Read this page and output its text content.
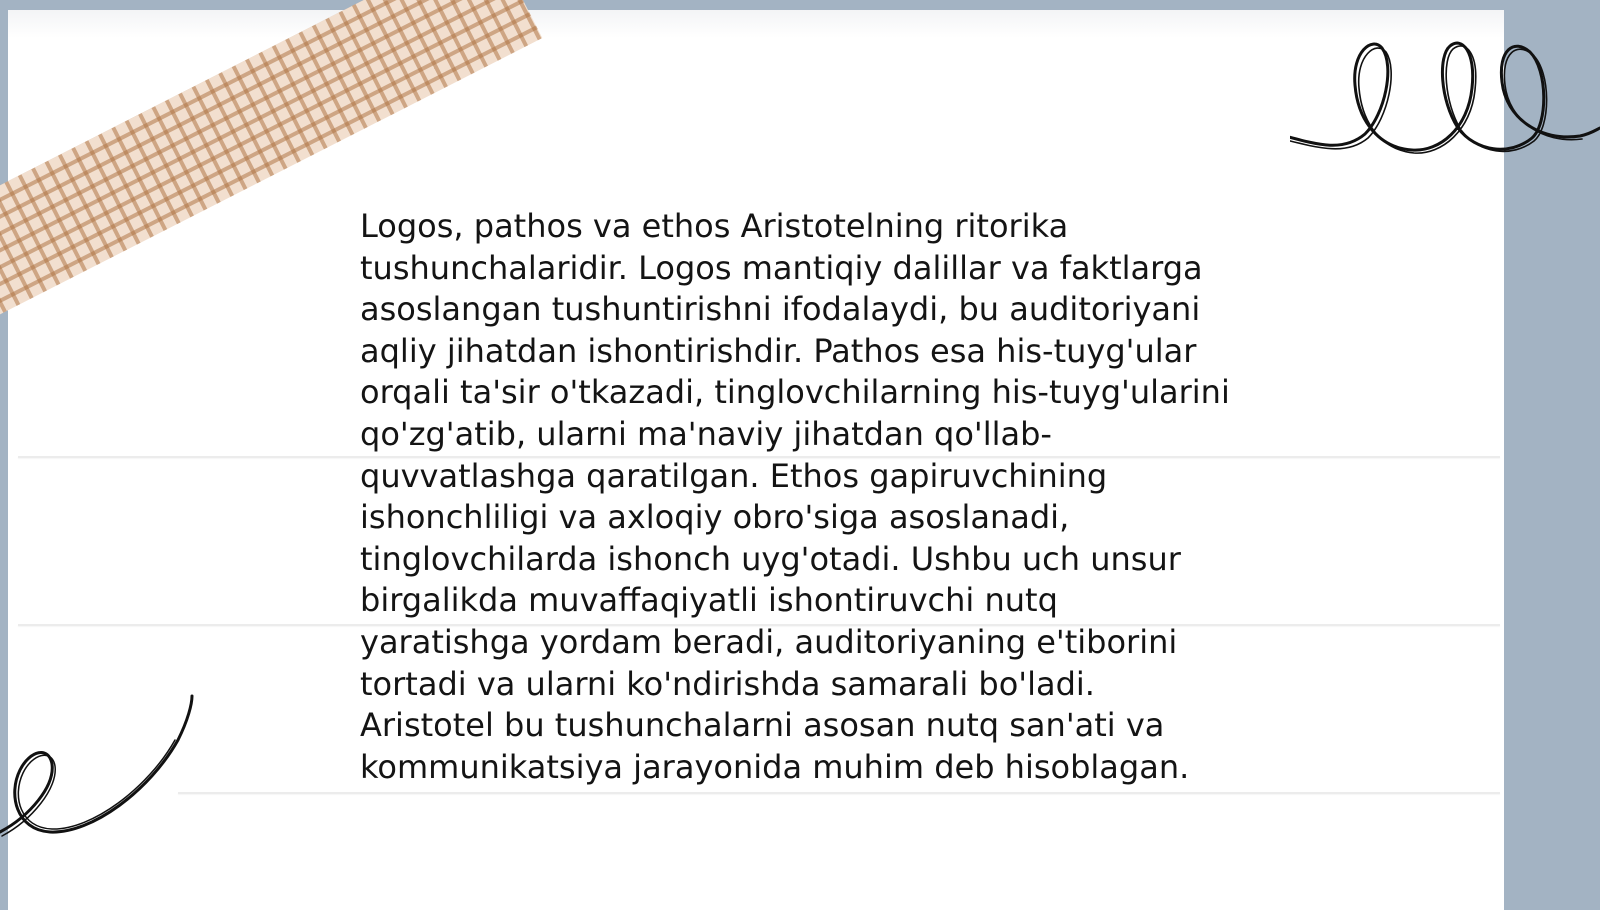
Logos, pathos va ethos Aristotelning ritorika
tushunchalaridir. Logos mantiqiy dalillar va faktlarga
asoslangan tushuntirishni ifodalaydi, bu auditoriyani
aqliy jihatdan ishontirishdir. Pathos esa his-tuyg'ular
orqali ta'sir o'tkazadi, tinglovchilarning his-tuyg'ularini
qo'zg'atib, ularni ma'naviy jihatdan qo'llab-
quvvatlashga qaratilgan. Ethos gapiruvchining
ishonchliligi va axloqiy obro'siga asoslanadi,
tinglovchilarda ishonch uyg'otadi. Ushbu uch unsur
birgalikda muvaffaqiyatli ishontiruvchi nutq
yaratishga yordam beradi, auditoriyaning e'tiborini
tortadi va ularni ko'ndirishda samarali bo'ladi.
Aristotel bu tushunchalarni asosan nutq san'ati va
kommunikatsiya jarayonida muhim deb hisoblagan.
